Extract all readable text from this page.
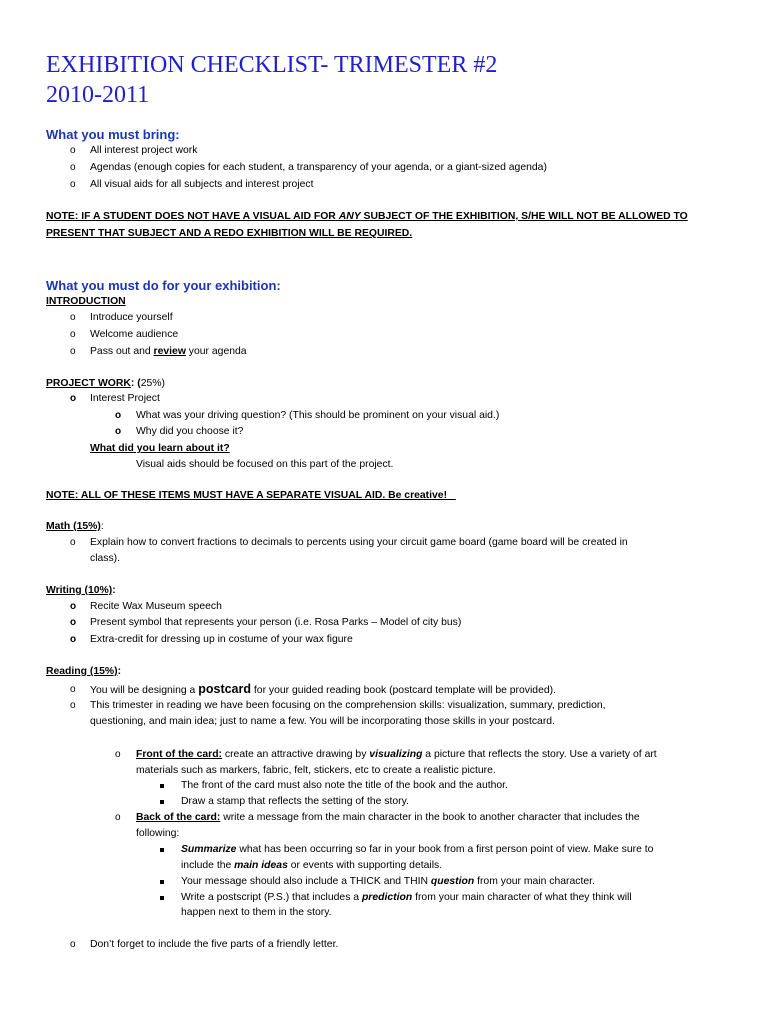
EXHIBITION CHECKLIST- TRIMESTER #2
2010-2011
What you must bring:
o All interest project work
o Agendas (enough copies for each student, a transparency of your agenda, or a giant-sized agenda)
o All visual aids for all subjects and interest project
NOTE: IF A STUDENT DOES NOT HAVE A VISUAL AID FOR ANY SUBJECT OF THE EXHIBITION, S/HE WILL NOT BE ALLOWED TO
PRESENT THAT SUBJECT AND A REDO EXHIBITION WILL BE REQUIRED.
What you must do for your exhibition:
INTRODUCTION
o Introduce yourself
o Welcome audience
o Pass out and review your agenda
PROJECT WORK: (25%)
o Interest Project
o What was your driving question? (This should be prominent on your visual aid.)
o Why did you choose it?
What did you learn about it?
Visual aids should be focused on this part of the project.
NOTE: ALL OF THESE ITEMS MUST HAVE A SEPARATE VISUAL AID. Be creative!
Math (15%):
o Explain how to convert fractions to decimals to percents using your circuit game board (game board will be created in
class).
Writing (10%):
o Recite Wax Museum speech
o Present symbol that represents your person (i.e. Rosa Parks – Model of city bus)
o Extra-credit for dressing up in costume of your wax figure
Reading (15%):
o You will be designing a postcard for your guided reading book (postcard template will be provided).
o This trimester in reading we have been focusing on the comprehension skills: visualization, summary, prediction,
questioning, and main idea; just to name a few. You will be incorporating those skills in your postcard.
o Front of the card: create an attractive drawing by visualizing a picture that reflects the story. Use a variety of art
materials such as markers, fabric, felt, stickers, etc to create a realistic picture.
The front of the card must also note the title of the book and the author.
Draw a stamp that reflects the setting of the story.
o Back of the card: write a message from the main character in the book to another character that includes the
following:
Summarize what has been occurring so far in your book from a first person point of view. Make sure to
include the main ideas or events with supporting details.
Your message should also include a THICK and THIN question from your main character.
Write a postscript (P.S.) that includes a prediction from your main character of what they think will
happen next to them in the story.
o Don’t forget to include the five parts of a friendly letter.
